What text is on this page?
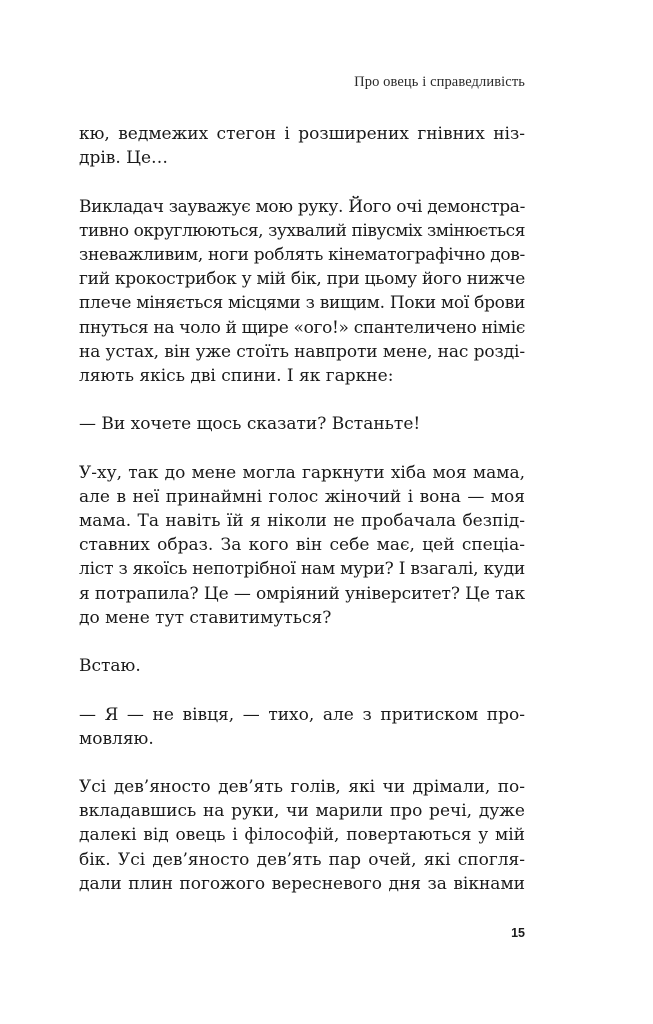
Про овець і справедливість
кю, ведмежих стегон і розширених гнівних ніз-
дрів. Це…
Викладач зауважує мою руку. Його очі демонстра-
тивно округлюються, зухвалий півусміх змінюється
зневажливим, ноги роблять кінематографічно дов-
гий крокострибок у мій бік, при цьому його нижче
плече міняється місцями з вищим. Поки мої брови
пнуться на чоло й щире «ого!» спантеличено німіє
на устах, він уже стоїть навпроти мене, нас розді-
ляють якісь дві спини. І як гаркне:
— Ви хочете щось сказати? Встаньте!
У-ху, так до мене могла гаркнути хіба моя мама,
але в неї принаймні голос жіночий і вона — моя
мама. Та навіть їй я ніколи не пробачала безпід-
ставних образ. За кого він себе має, цей спеціа-
ліст з якоїсь непотрібної нам мури? І взагалі, куди
я потрапила? Це — омріяний університет? Це так
до мене тут ставитимуться?
Встаю.
— Я — не вівця, — тихо, але з притиском про-
мовляю.
Усі дев’яносто дев’ять голів, які чи дрімали, по-
вкладавшись на руки, чи марили про речі, дуже
далекі від овець і філософій, повертаються у мій
бік. Усі дев’яносто дев’ять пар очей, які спогля-
дали плин погожого вересневого дня за вікнами
15
